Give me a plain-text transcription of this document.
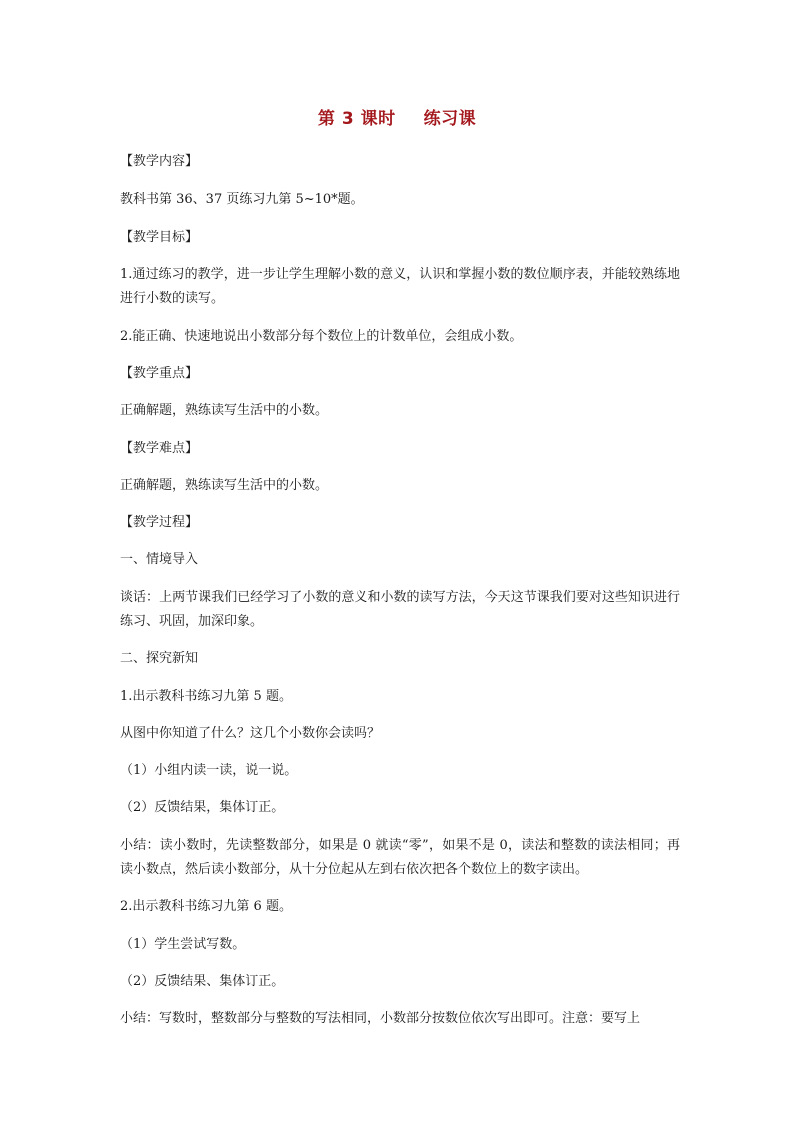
第 3 课时 练习课
【教学内容】
教科书第 36、37 页练习九第 5~10*题。
【教学目标】
1.通过练习的教学，进一步让学生理解小数的意义，认识和掌握小数的数位顺序表，并能较熟练地进行小数的读写。
2.能正确、快速地说出小数部分每个数位上的计数单位，会组成小数。
【教学重点】
正确解题，熟练读写生活中的小数。
【教学难点】
正确解题，熟练读写生活中的小数。
【教学过程】
一、情境导入
谈话：上两节课我们已经学习了小数的意义和小数的读写方法，今天这节课我们要对这些知识进行练习、巩固，加深印象。
二、探究新知
1.出示教科书练习九第 5 题。
从图中你知道了什么？这几个小数你会读吗？
（1）小组内读一读，说一说。
（2）反馈结果，集体订正。
小结：读小数时，先读整数部分，如果是 0 就读“零”，如果不是 0，读法和整数的读法相同；再读小数点，然后读小数部分，从十分位起从左到右依次把各个数位上的数字读出。
2.出示教科书练习九第 6 题。
（1）学生尝试写数。
（2）反馈结果、集体订正。
小结：写数时，整数部分与整数的写法相同，小数部分按数位依次写出即可。注意：要写上
